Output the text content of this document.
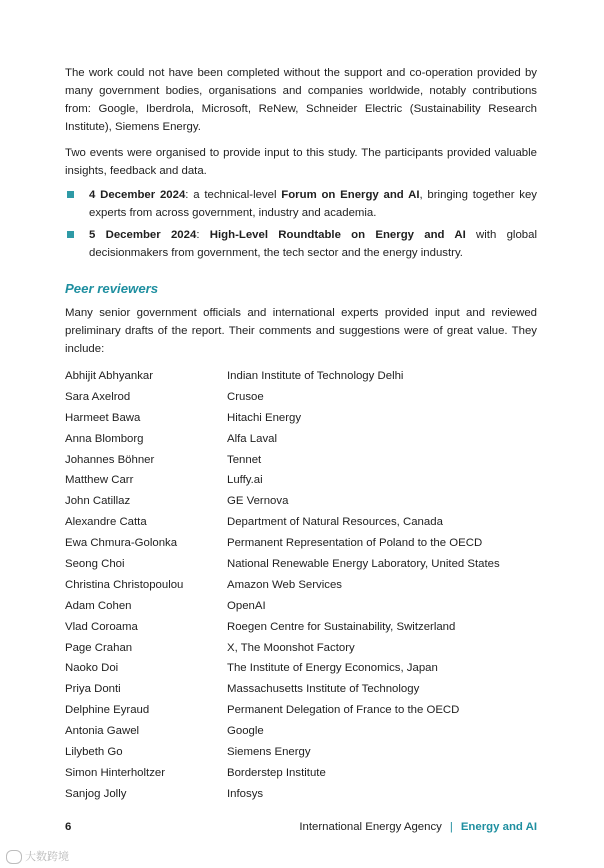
The work could not have been completed without the support and co-operation provided by many government bodies, organisations and companies worldwide, notably contributions from: Google, Iberdrola, Microsoft, ReNew, Schneider Electric (Sustainability Research Institute), Siemens Energy.

Two events were organised to provide input to this study. The participants provided valuable insights, feedback and data.

4 December 2024: a technical-level Forum on Energy and AI, bringing together key experts from across government, industry and academia.
5 December 2024: High-Level Roundtable on Energy and AI with global decisionmakers from government, the tech sector and the energy industry.
Peer reviewers

Many senior government officials and international experts provided input and reviewed preliminary drafts of the report. Their comments and suggestions were of great value. They include:

Abhijit Abhyankar	Indian Institute of Technology Delhi
Sara Axelrod	Crusoe
Harmeet Bawa	Hitachi Energy
Anna Blomborg	Alfa Laval
Johannes Böhner	Tennet
Matthew Carr	Luffy.ai
John Catillaz	GE Vernova
Alexandre Catta	Department of Natural Resources, Canada
Ewa Chmura-Golonka	Permanent Representation of Poland to the OECD
Seong Choi	National Renewable Energy Laboratory, United States
Christina Christopoulou	Amazon Web Services
Adam Cohen	OpenAI
Vlad Coroama	Roegen Centre for Sustainability, Switzerland
Page Crahan	X, The Moonshot Factory
Naoko Doi	The Institute of Energy Economics, Japan
Priya Donti	Massachusetts Institute of Technology
Delphine Eyraud	Permanent Delegation of France to the OECD
Antonia Gawel	Google
Lilybeth Go	Siemens Energy
Simon Hinterholtzer	Borderstep Institute
Sanjog Jolly	Infosys
6	International Energy Agency | Energy and AI
大数跨境
